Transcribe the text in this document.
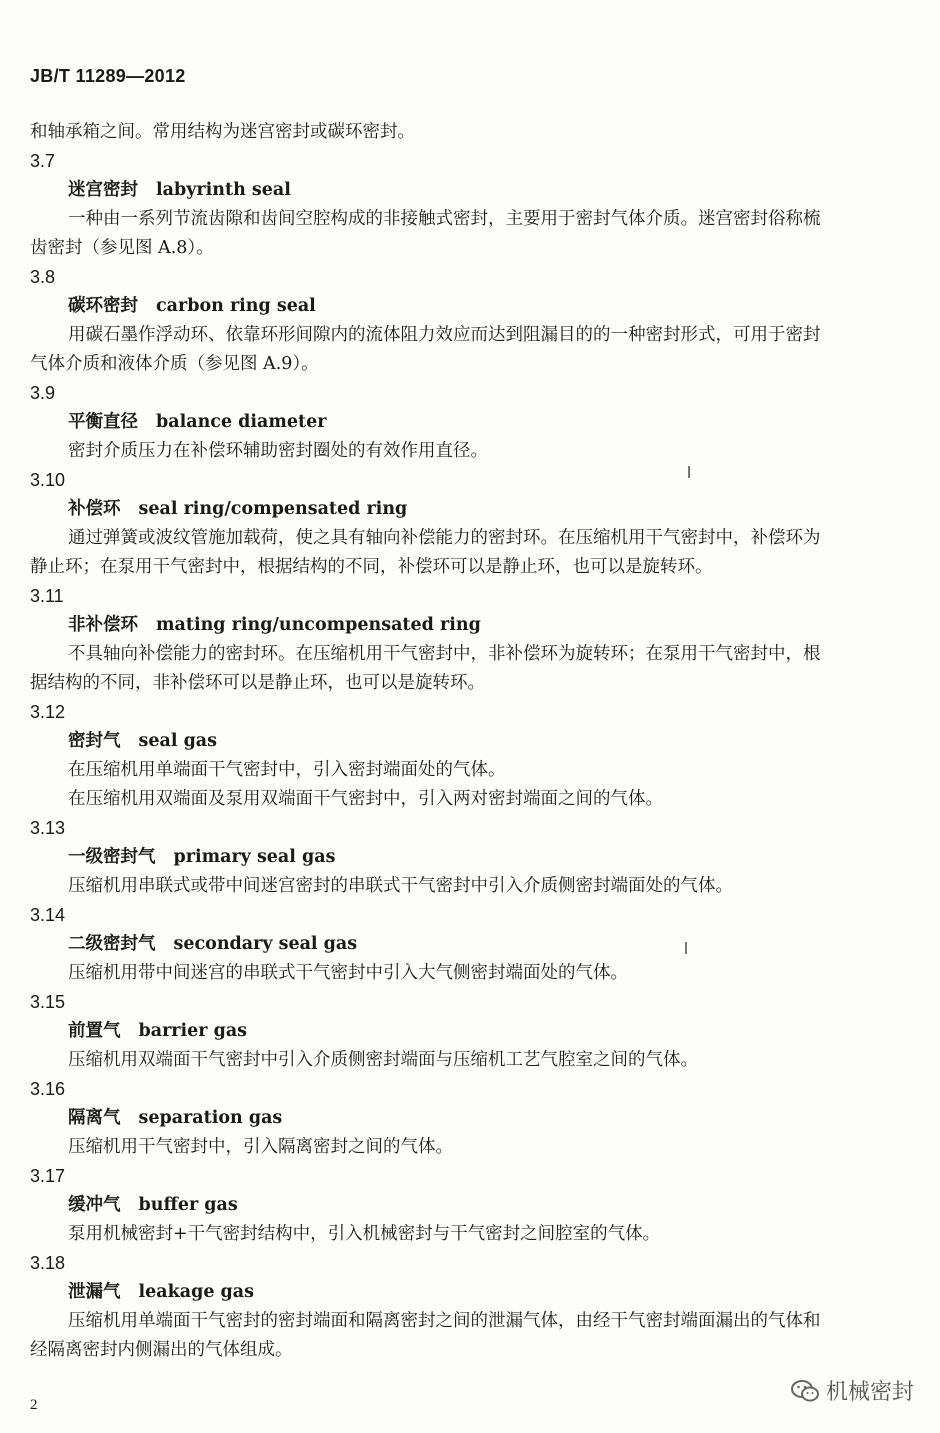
JB/T 11289—2012
和轴承箱之间。常用结构为迷宫密封或碳环密封。
3.7
迷宫密封 labyrinth seal
一种由一系列节流齿隙和齿间空腔构成的非接触式密封，主要用于密封气体介质。迷宫密封俗称梳
齿密封（参见图 A.8）。
3.8
碳环密封 carbon ring seal
用碳石墨作浮动环、依靠环形间隙内的流体阻力效应而达到阻漏目的的一种密封形式，可用于密封
气体介质和液体介质（参见图 A.9）。
3.9
平衡直径 balance diameter
密封介质压力在补偿环辅助密封圈处的有效作用直径。
3.10
补偿环 seal ring/compensated ring
通过弹簧或波纹管施加载荷，使之具有轴向补偿能力的密封环。在压缩机用干气密封中，补偿环为
静止环；在泵用干气密封中，根据结构的不同，补偿环可以是静止环，也可以是旋转环。
3.11
非补偿环 mating ring/uncompensated ring
不具轴向补偿能力的密封环。在压缩机用干气密封中，非补偿环为旋转环；在泵用干气密封中，根
据结构的不同，非补偿环可以是静止环，也可以是旋转环。
3.12
密封气 seal gas
在压缩机用单端面干气密封中，引入密封端面处的气体。
在压缩机用双端面及泵用双端面干气密封中，引入两对密封端面之间的气体。
3.13
一级密封气 primary seal gas
压缩机用串联式或带中间迷宫密封的串联式干气密封中引入介质侧密封端面处的气体。
3.14
二级密封气 secondary seal gas
压缩机用带中间迷宫的串联式干气密封中引入大气侧密封端面处的气体。
3.15
前置气 barrier gas
压缩机用双端面干气密封中引入介质侧密封端面与压缩机工艺气腔室之间的气体。
3.16
隔离气 separation gas
压缩机用干气密封中，引入隔离密封之间的气体。
3.17
缓冲气 buffer gas
泵用机械密封+干气密封结构中，引入机械密封与干气密封之间腔室的气体。
3.18
泄漏气 leakage gas
压缩机用单端面干气密封的密封端面和隔离密封之间的泄漏气体，由经干气密封端面漏出的气体和
经隔离密封内侧漏出的气体组成。
2	机械密封
